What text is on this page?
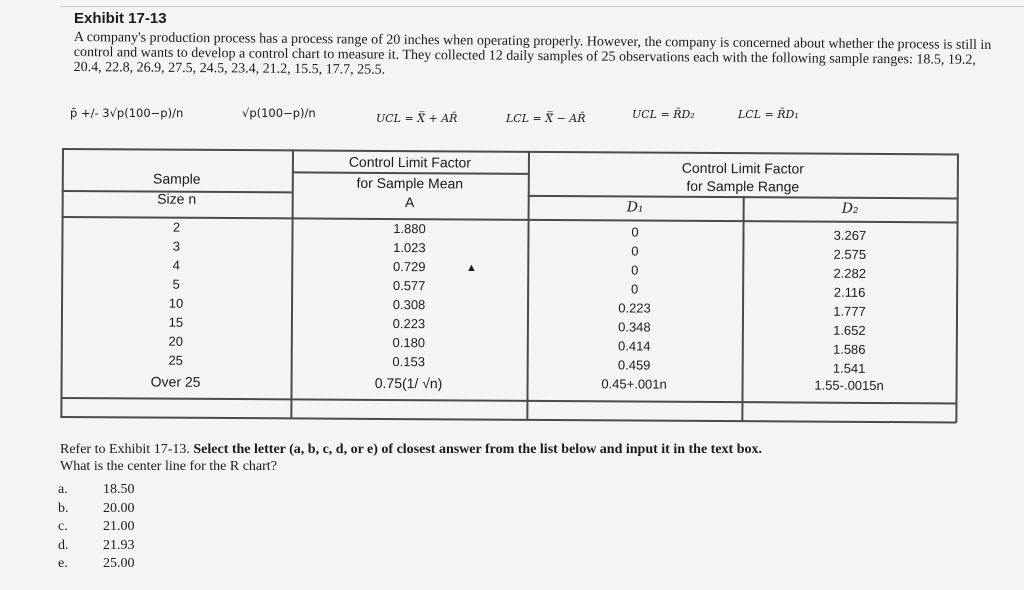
Exhibit 17-13
A company's production process has a process range of 20 inches when operating properly. However, the company is concerned about whether the process is still in control and wants to develop a control chart to measure it. They collected 12 daily samples of 25 observations each with the following sample ranges: 18.5, 19.2, 20.4, 22.8, 26.9, 27.5, 24.5, 23.4, 21.2, 15.5, 17.7, 25.5.
p̄ +/- 3√p(100−p)/n	√p(100−p)/n	UCL = X̿ + AR̄	LCL = X̿ − AR̄	UCL = R̄D₂	LCL = R̄D₁
Sample
Size n
Control Limit Factor
for Sample Mean
A
Control Limit Factor
for Sample Range
D₁	D₂
2	1.880	0	3.267
3	1.023	0	2.575
4	0.729	0	2.282
5	0.577	0	2.116
10	0.308	0.223	1.777
15	0.223	0.348	1.652
20	0.180	0.414	1.586
25	0.153	0.459	1.541
Over 25	0.75(1/ √n)	0.45+.001n	1.55-.0015n
▲
Refer to Exhibit 17-13. Select the letter (a, b, c, d, or e) of closest answer from the list below and input it in the text box.
What is the center line for the R chart?
a.	18.50
b.	20.00
c.	21.00
d.	21.93
e.	25.00
